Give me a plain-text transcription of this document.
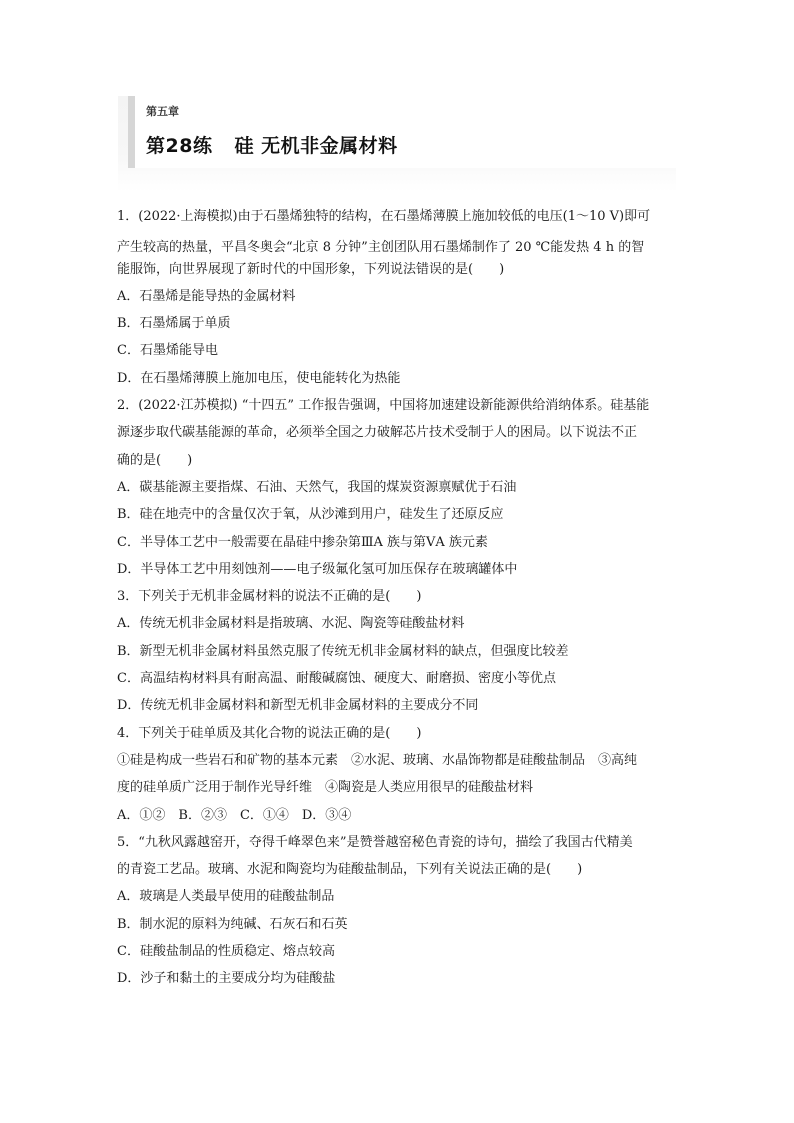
第五章
第28练 硅 无机非金属材料
1．(2022·上海模拟)由于石墨烯独特的结构，在石墨烯薄膜上施加较低的电压(1～10 V)即可
产生较高的热量，平昌冬奥会“北京 8 分钟”主创团队用石墨烯制作了 20 ℃能发热 4 h 的智
能服饰，向世界展现了新时代的中国形象，下列说法错误的是(　　)
A．石墨烯是能导热的金属材料
B．石墨烯属于单质
C．石墨烯能导电
D．在石墨烯薄膜上施加电压，使电能转化为热能
2．(2022·江苏模拟) “十四五” 工作报告强调，中国将加速建设新能源供给消纳体系。硅基能
源逐步取代碳基能源的革命，必须举全国之力破解芯片技术受制于人的困局。以下说法不正
确的是(　　)
A．碳基能源主要指煤、石油、天然气，我国的煤炭资源禀赋优于石油
B．硅在地壳中的含量仅次于氧，从沙滩到用户，硅发生了还原反应
C．半导体工艺中一般需要在晶硅中掺杂第ⅢA 族与第ⅤA 族元素
D．半导体工艺中用刻蚀剂——电子级氟化氢可加压保存在玻璃罐体中
3．下列关于无机非金属材料的说法不正确的是(　　)
A．传统无机非金属材料是指玻璃、水泥、陶瓷等硅酸盐材料
B．新型无机非金属材料虽然克服了传统无机非金属材料的缺点，但强度比较差
C．高温结构材料具有耐高温、耐酸碱腐蚀、硬度大、耐磨损、密度小等优点
D．传统无机非金属材料和新型无机非金属材料的主要成分不同
4．下列关于硅单质及其化合物的说法正确的是(　　)
①硅是构成一些岩石和矿物的基本元素　②水泥、玻璃、水晶饰物都是硅酸盐制品　③高纯
度的硅单质广泛用于制作光导纤维　④陶瓷是人类应用很早的硅酸盐材料
A．①②　B．②③　C．①④　D．③④
5．“九秋风露越窑开，夺得千峰翠色来”是赞誉越窑秘色青瓷的诗句，描绘了我国古代精美
的青瓷工艺品。玻璃、水泥和陶瓷均为硅酸盐制品，下列有关说法正确的是(　　)
A．玻璃是人类最早使用的硅酸盐制品
B．制水泥的原料为纯碱、石灰石和石英
C．硅酸盐制品的性质稳定、熔点较高
D．沙子和黏土的主要成分均为硅酸盐
